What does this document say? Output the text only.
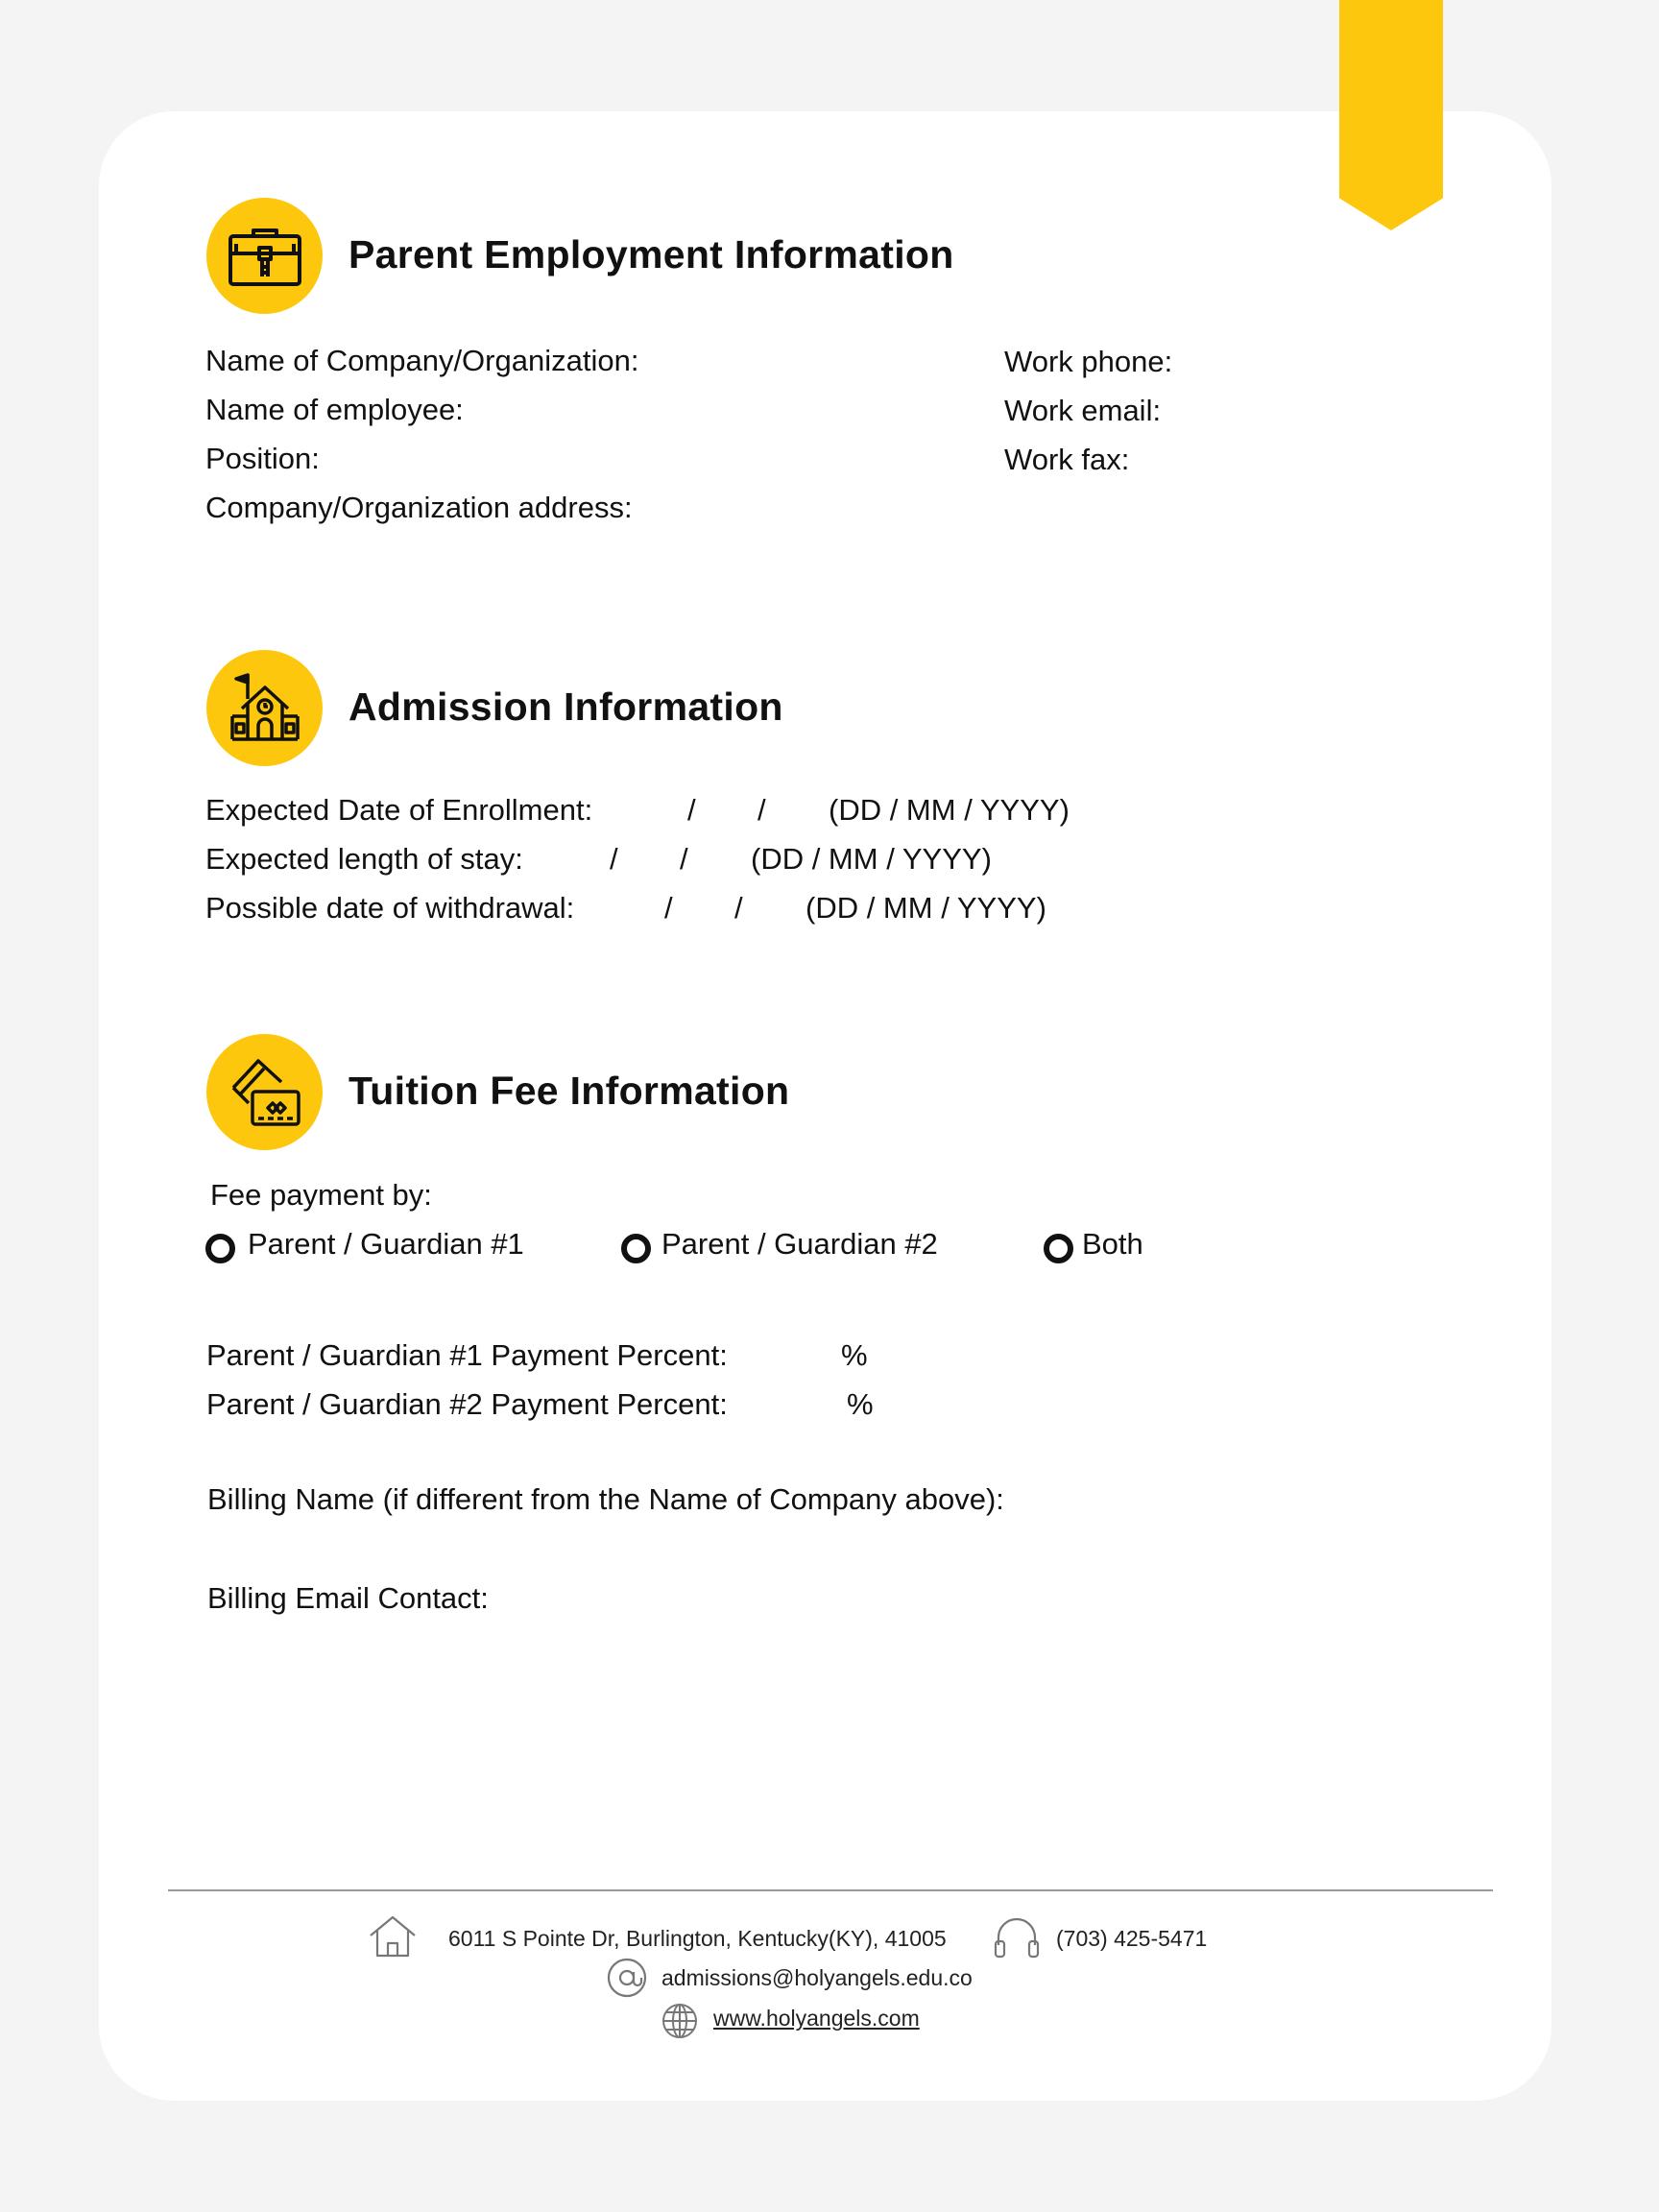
Parent Employment Information
Name of Company/Organization:
Name of employee:
Position:
Company/Organization address:
Work phone:
Work email:
Work fax:
Admission Information
Expected Date of Enrollment:	/ / (DD / MM / YYYY)
Expected length of stay:	/ / (DD / MM / YYYY)
Possible date of withdrawal:	/ / (DD / MM / YYYY)
Tuition Fee Information
Fee payment by:
Parent / Guardian #1	Parent / Guardian #2	Both
Parent / Guardian #1 Payment Percent:	%
Parent / Guardian #2 Payment Percent:	%
Billing Name (if different from the Name of Company above):
Billing Email Contact:
6011 S Pointe Dr, Burlington, Kentucky(KY), 41005	(703) 425-5471
admissions@holyangels.edu.co
www.holyangels.com
